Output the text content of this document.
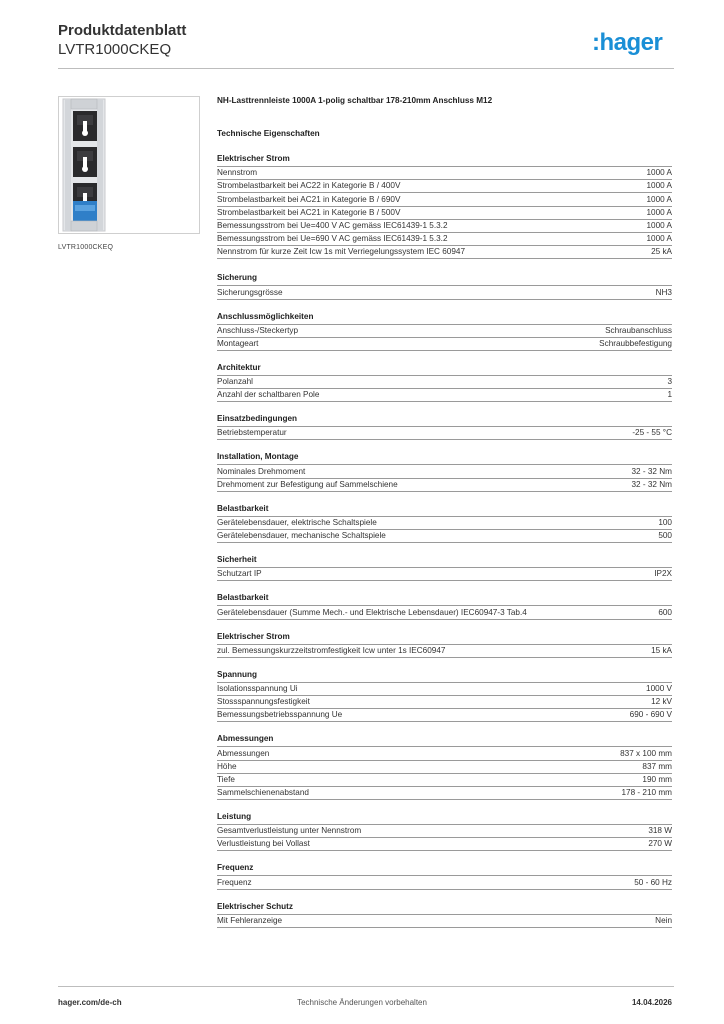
Produktdatenblatt
LVTR1000CKEQ	:hager
LVTR1000CKEQ
NH-Lasttrennleiste 1000A 1-polig schaltbar 178-210mm Anschluss M12
Technische Eigenschaften
Elektrischer Strom
Nennstrom	1000 A
Strombelastbarkeit bei AC22 in Kategorie B / 400V	1000 A
Strombelastbarkeit bei AC21 in Kategorie B / 690V	1000 A
Strombelastbarkeit bei AC21 in Kategorie B / 500V	1000 A
Bemessungsstrom bei Ue=400 V AC gemäss IEC61439-1 5.3.2	1000 A
Bemessungsstrom bei Ue=690 V AC gemäss IEC61439-1 5.3.2	1000 A
Nennstrom für kurze Zeit Icw 1s mit Verriegelungssystem IEC 60947	25 kA
Sicherung
Sicherungsgrösse	NH3
Anschlussmöglichkeiten
Anschluss-/Steckertyp	Schraubanschluss
Montageart	Schraubbefestigung
Architektur
Polanzahl	3
Anzahl der schaltbaren Pole	1
Einsatzbedingungen
Betriebstemperatur	-25 - 55 °C
Installation, Montage
Nominales Drehmoment	32 - 32 Nm
Drehmoment zur Befestigung auf Sammelschiene	32 - 32 Nm
Belastbarkeit
Gerätelebensdauer, elektrische Schaltspiele	100
Gerätelebensdauer, mechanische Schaltspiele	500
Sicherheit
Schutzart IP	IP2X
Belastbarkeit
Gerätelebensdauer (Summe Mech.- und Elektrische Lebensdauer) IEC60947-3 Tab.4	600
Elektrischer Strom
zul. Bemessungskurzzeitstromfestigkeit Icw unter 1s IEC60947	15 kA
Spannung
Isolationsspannung Ui	1000 V
Stossspannungsfestigkeit	12 kV
Bemessungsbetriebsspannung Ue	690 - 690 V
Abmessungen
Abmessungen	837 x 100 mm
Höhe	837 mm
Tiefe	190 mm
Sammelschienenabstand	178 - 210 mm
Leistung
Gesamtverlustleistung unter Nennstrom	318 W
Verlustleistung bei Vollast	270 W
Frequenz
Frequenz	50 - 60 Hz
Elektrischer Schutz
Mit Fehleranzeige	Nein
hager.com/de-ch	Technische Änderungen vorbehalten	14.04.2026
